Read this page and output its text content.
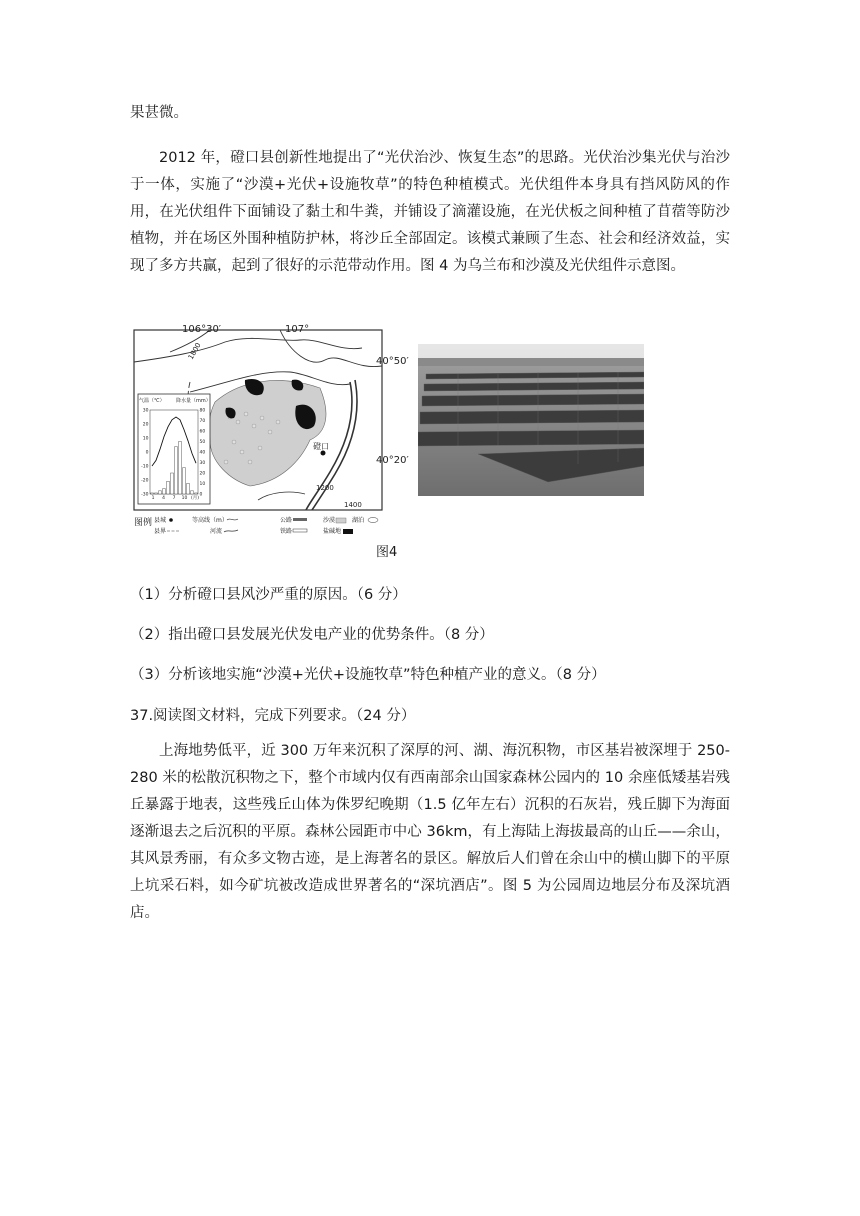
果甚微。

2012 年，磴口县创新性地提出了“光伏治沙、恢复生态”的思路。光伏治沙集光伏与治沙于一体，实施了“沙漠+光伏+设施牧草”的特色种植模式。光伏组件本身具有挡风防风的作用，在光伏组件下面铺设了黏土和牛粪，并铺设了滴灌设施，在光伏板之间种植了苜蓿等防沙植物，并在场区外围种植防护林，将沙丘全部固定。该模式兼顾了生态、社会和经济效益，实现了多方共赢，起到了很好的示范带动作用。图 4 为乌兰布和沙漠及光伏组件示意图。

磴口
106°30′	107°
40°50′
40°20′
1800
1200
1400
气温（℃） 降水量（mm）
30
20
10
0
-10
-20
-30
80
70
60
50
40
30
20
10
0
1 4 7 10 (月)
图例 县城	等高线（m）	公路	沙漠	湖泊
县界	河流	铁路	盐碱地
图4

（1）分析磴口县风沙严重的原因。（6 分）

（2）指出磴口县发展光伏发电产业的优势条件。（8 分）

（3）分析该地实施“沙漠+光伏+设施牧草”特色种植产业的意义。（8 分）

37.阅读图文材料，完成下列要求。（24 分）

上海地势低平，近 300 万年来沉积了深厚的河、湖、海沉积物，市区基岩被深埋于 250-280 米的松散沉积物之下，整个市域内仅有西南部余山国家森林公园内的 10 余座低矮基岩残丘暴露于地表，这些残丘山体为侏罗纪晚期（1.5 亿年左右）沉积的石灰岩，残丘脚下为海面逐渐退去之后沉积的平原。森林公园距市中心 36km，有上海陆上海拔最高的山丘——余山，其风景秀丽，有众多文物古迹，是上海著名的景区。解放后人们曾在余山中的横山脚下的平原上坑采石料，如今矿坑被改造成世界著名的“深坑酒店”。图 5 为公园周边地层分布及深坑酒店。
